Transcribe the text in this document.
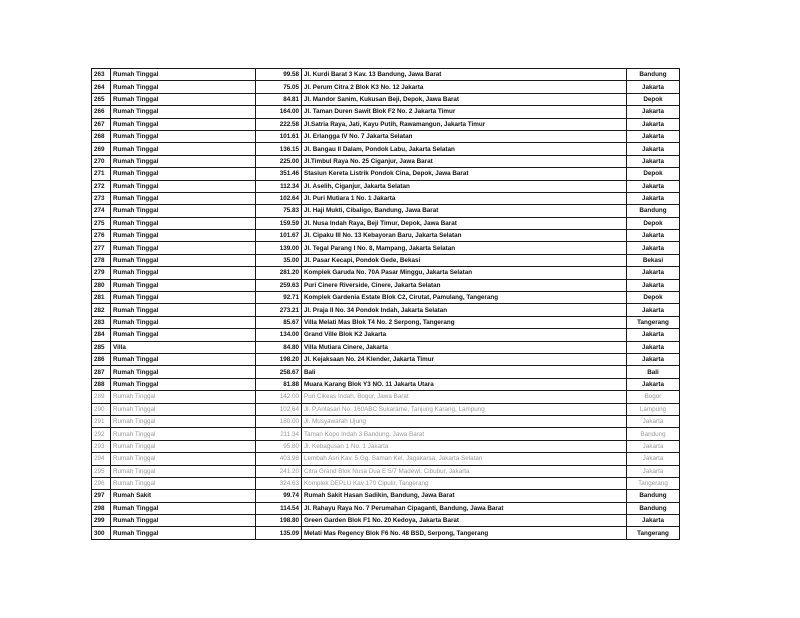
263	Rumah Tinggal	99.58	Jl. Kurdi Barat 3 Kav. 13 Bandung, Jawa Barat	Bandung
264	Rumah Tinggal	75.05	Jl. Perum Citra 2 Blok K3 No. 12 Jakarta	Jakarta
265	Rumah Tinggal	84.81	Jl. Mandor Sanim, Kukusan Beji, Depok, Jawa Barat	Depok
266	Rumah Tinggal	164.00	Jl. Taman Duren Sawit Blok F2 No. 2 Jakarta Timur	Jakarta
267	Rumah Tinggal	222.58	Jl.Satria Raya, Jati, Kayu Putih, Rawamangun, Jakarta Timur	Jakarta
268	Rumah Tinggal	101.61	Jl. Erlangga IV No. 7 Jakarta Selatan	Jakarta
269	Rumah Tinggal	136.15	Jl. Bangau II Dalam, Pondok Labu, Jakarta Selatan	Jakarta
270	Rumah Tinggal	225.00	Jl.Timbul Raya No. 25 Ciganjur, Jawa Barat	Jakarta
271	Rumah Tinggal	351.46	Stasiun Kereta Listrik Pondok Cina, Depok, Jawa Barat	Depok
272	Rumah Tinggal	112.34	Jl. Aselih, Ciganjur, Jakarta Selatan	Jakarta
273	Rumah Tinggal	102.64	Jl. Puri Mutiara 1 No. 1 Jakarta	Jakarta
274	Rumah Tinggal	75.83	Jl. Haji Mukti, Cibaligo, Bandung, Jawa Barat	Bandung
275	Rumah Tinggal	159.59	Jl. Nusa Indah Raya, Beji Timur, Depok, Jawa Barat	Depok
276	Rumah Tinggal	101.67	Jl. Cipaku III No. 13 Kebayoran Baru, Jakarta Selatan	Jakarta
277	Rumah Tinggal	139.00	Jl. Tegal Parang I No. 8, Mampang, Jakarta Selatan	Jakarta
278	Rumah Tinggal	35.00	Jl. Pasar Kecapi, Pondok Gede, Bekasi	Bekasi
279	Rumah Tinggal	281.20	Komplek Garuda No. 70A Pasar Minggu, Jakarta Selatan	Jakarta
280	Rumah Tinggal	259.63	Puri Cinere Riverside, Cinere, Jakarta Selatan	Jakarta
281	Rumah Tinggal	92.71	Komplek Gardenia Estate Blok C2, Cirutat, Pamulang, Tangerang	Depok
282	Rumah Tinggal	273.21	Jl. Praja II No. 34 Pondok Indah, Jakarta Selatan	Jakarta
283	Rumah Tinggal	85.67	Villa Melati Mas Blok T4 No. 2 Serpong, Tangerang	Tangerang
284	Rumah Tinggal	134.00	Grand Ville Blok K2 Jakarta	Jakarta
285	Villa	84.80	Villa Mutiara Cinere, Jakarta	Jakarta
286	Rumah Tinggal	198.20	Jl. Kejaksaan No. 24 Klender, Jakarta Timur	Jakarta
287	Rumah Tinggal	258.67	Bali	Bali
288	Rumah Tinggal	81.88	Muara Karang Blok Y3 NO. 11 Jakarta Utara	Jakarta
289	Rumah Tinggal	142.00	Puri Cikeas Indah, Bogor, Jawa Barat	Bogor
290	Rumah Tinggal	102.64	Jl. P.Antasari No. 160ABC Sukarame, Tanjung Karang, Lampung	Lampung
291	Rumah Tinggal	180.00	Jl. Musyawarah Ujung	Jakarta
292	Rumah Tinggal	211.34	Taman Kopo Indah 3 Bandung, Jawa Barat	Bandung
293	Rumah Tinggal	95.80	Jl. Kebagusan 1 No. 1 Jakarta	Jakarta
294	Rumah Tinggal	403.98	Lembah Asri Kav. 5.Gg. Saman Kel. Jagakarsa, Jakarta Selatan	Jakarta
295	Rumah Tinggal	241.20	Citra Grand Blok Nusa Dua E 5/7 Madewi, Cibubur, Jakarta	Jakarta
296	Rumah Tinggal	324.63	Komplek DEPLU Kav 170 Cipulir, Tangerang	Tangerang
297	Rumah Sakit	99.74	Rumah Sakit Hasan Sadikin, Bandung, Jawa Barat	Bandung
298	Rumah Tinggal	114.54	Jl. Rahayu Raya No. 7 Perumahan Cipaganti, Bandung, Jawa Barat	Bandung
299	Rumah Tinggal	198.80	Green Garden Blok F1 No. 20 Kedoya, Jakarta Barat	Jakarta
300	Rumah Tinggal	135.09	Melati Mas Regency Blok F6 No. 48 BSD, Serpong, Tangerang	Tangerang
